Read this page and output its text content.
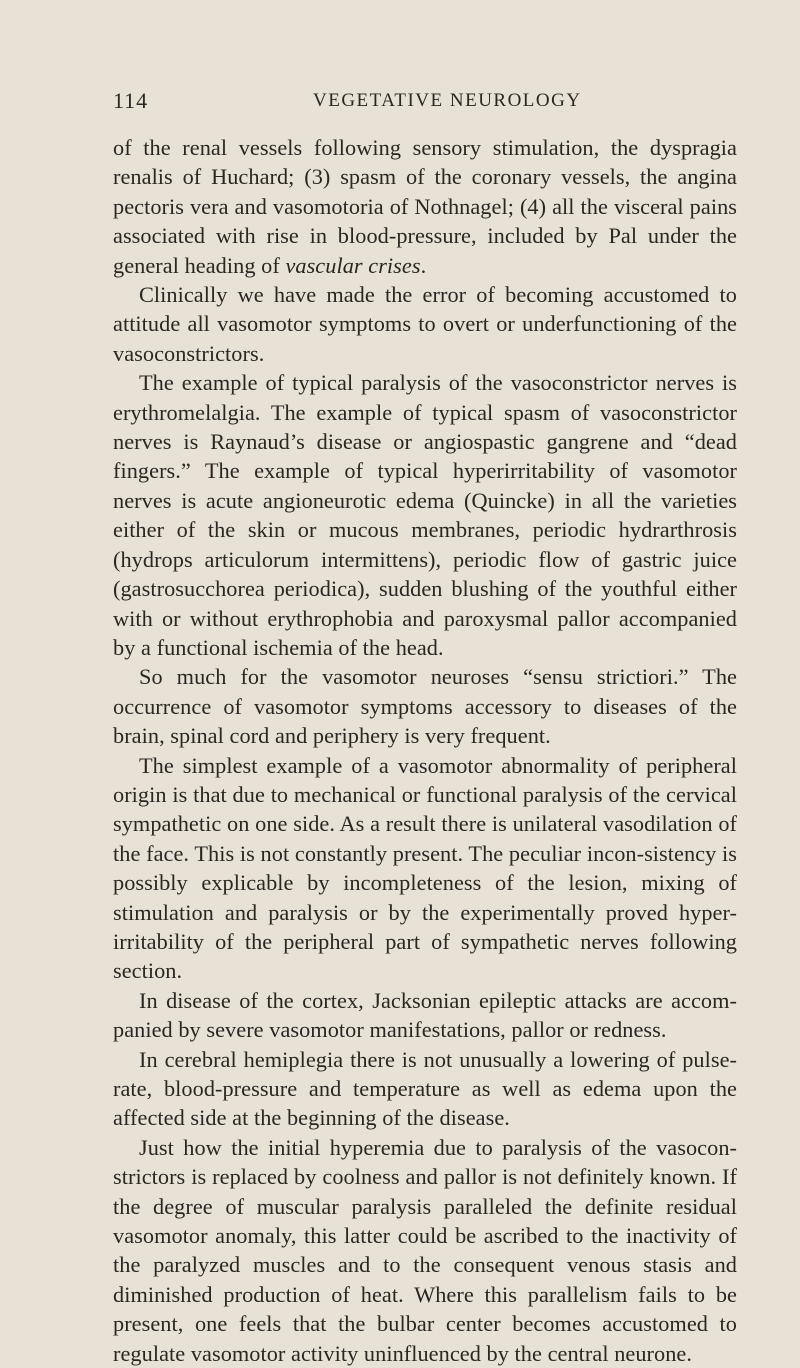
114	VEGETATIVE NEUROLOGY

of the renal vessels following sensory stimulation, the dyspragia renalis of Huchard; (3) spasm of the coronary vessels, the angina pectoris vera and vasomotoria of Nothnagel; (4) all the visceral pains associated with rise in blood-pressure, included by Pal under the general heading of vascular crises.

Clinically we have made the error of becoming accustomed to attitude all vasomotor symptoms to overt or underfunctioning of the vasoconstrictors.

The example of typical paralysis of the vasoconstrictor nerves is erythromelalgia. The example of typical spasm of vasoconstrictor nerves is Raynaud’s disease or angiospastic gangrene and “dead fingers.” The example of typical hyperirritability of vasomotor nerves is acute angioneurotic edema (Quincke) in all the varieties either of the skin or mucous membranes, periodic hydrarthrosis (hydrops articulorum intermittens), periodic flow of gastric juice (gastrosucchorea periodica), sudden blushing of the youthful either with or without erythrophobia and paroxysmal pallor accompanied by a functional ischemia of the head.

So much for the vasomotor neuroses “sensu strictiori.” The occurrence of vasomotor symptoms accessory to diseases of the brain, spinal cord and periphery is very frequent.

The simplest example of a vasomotor abnormality of peripheral origin is that due to mechanical or functional paralysis of the cervical sympathetic on one side. As a result there is unilateral vasodilation of the face. This is not constantly present. The peculiar incon-sistency is possibly explicable by incompleteness of the lesion, mixing of stimulation and paralysis or by the experimentally proved hyper-irritability of the peripheral part of sympathetic nerves following section.

In disease of the cortex, Jacksonian epileptic attacks are accom-panied by severe vasomotor manifestations, pallor or redness.

In cerebral hemiplegia there is not unusually a lowering of pulse-rate, blood-pressure and temperature as well as edema upon the affected side at the beginning of the disease.

Just how the initial hyperemia due to paralysis of the vasocon-strictors is replaced by coolness and pallor is not definitely known. If the degree of muscular paralysis paralleled the definite residual vasomotor anomaly, this latter could be ascribed to the inactivity of the paralyzed muscles and to the consequent venous stasis and diminished production of heat. Where this parallelism fails to be present, one feels that the bulbar center becomes accustomed to regulate vasomotor activity uninfluenced by the central neurone.
